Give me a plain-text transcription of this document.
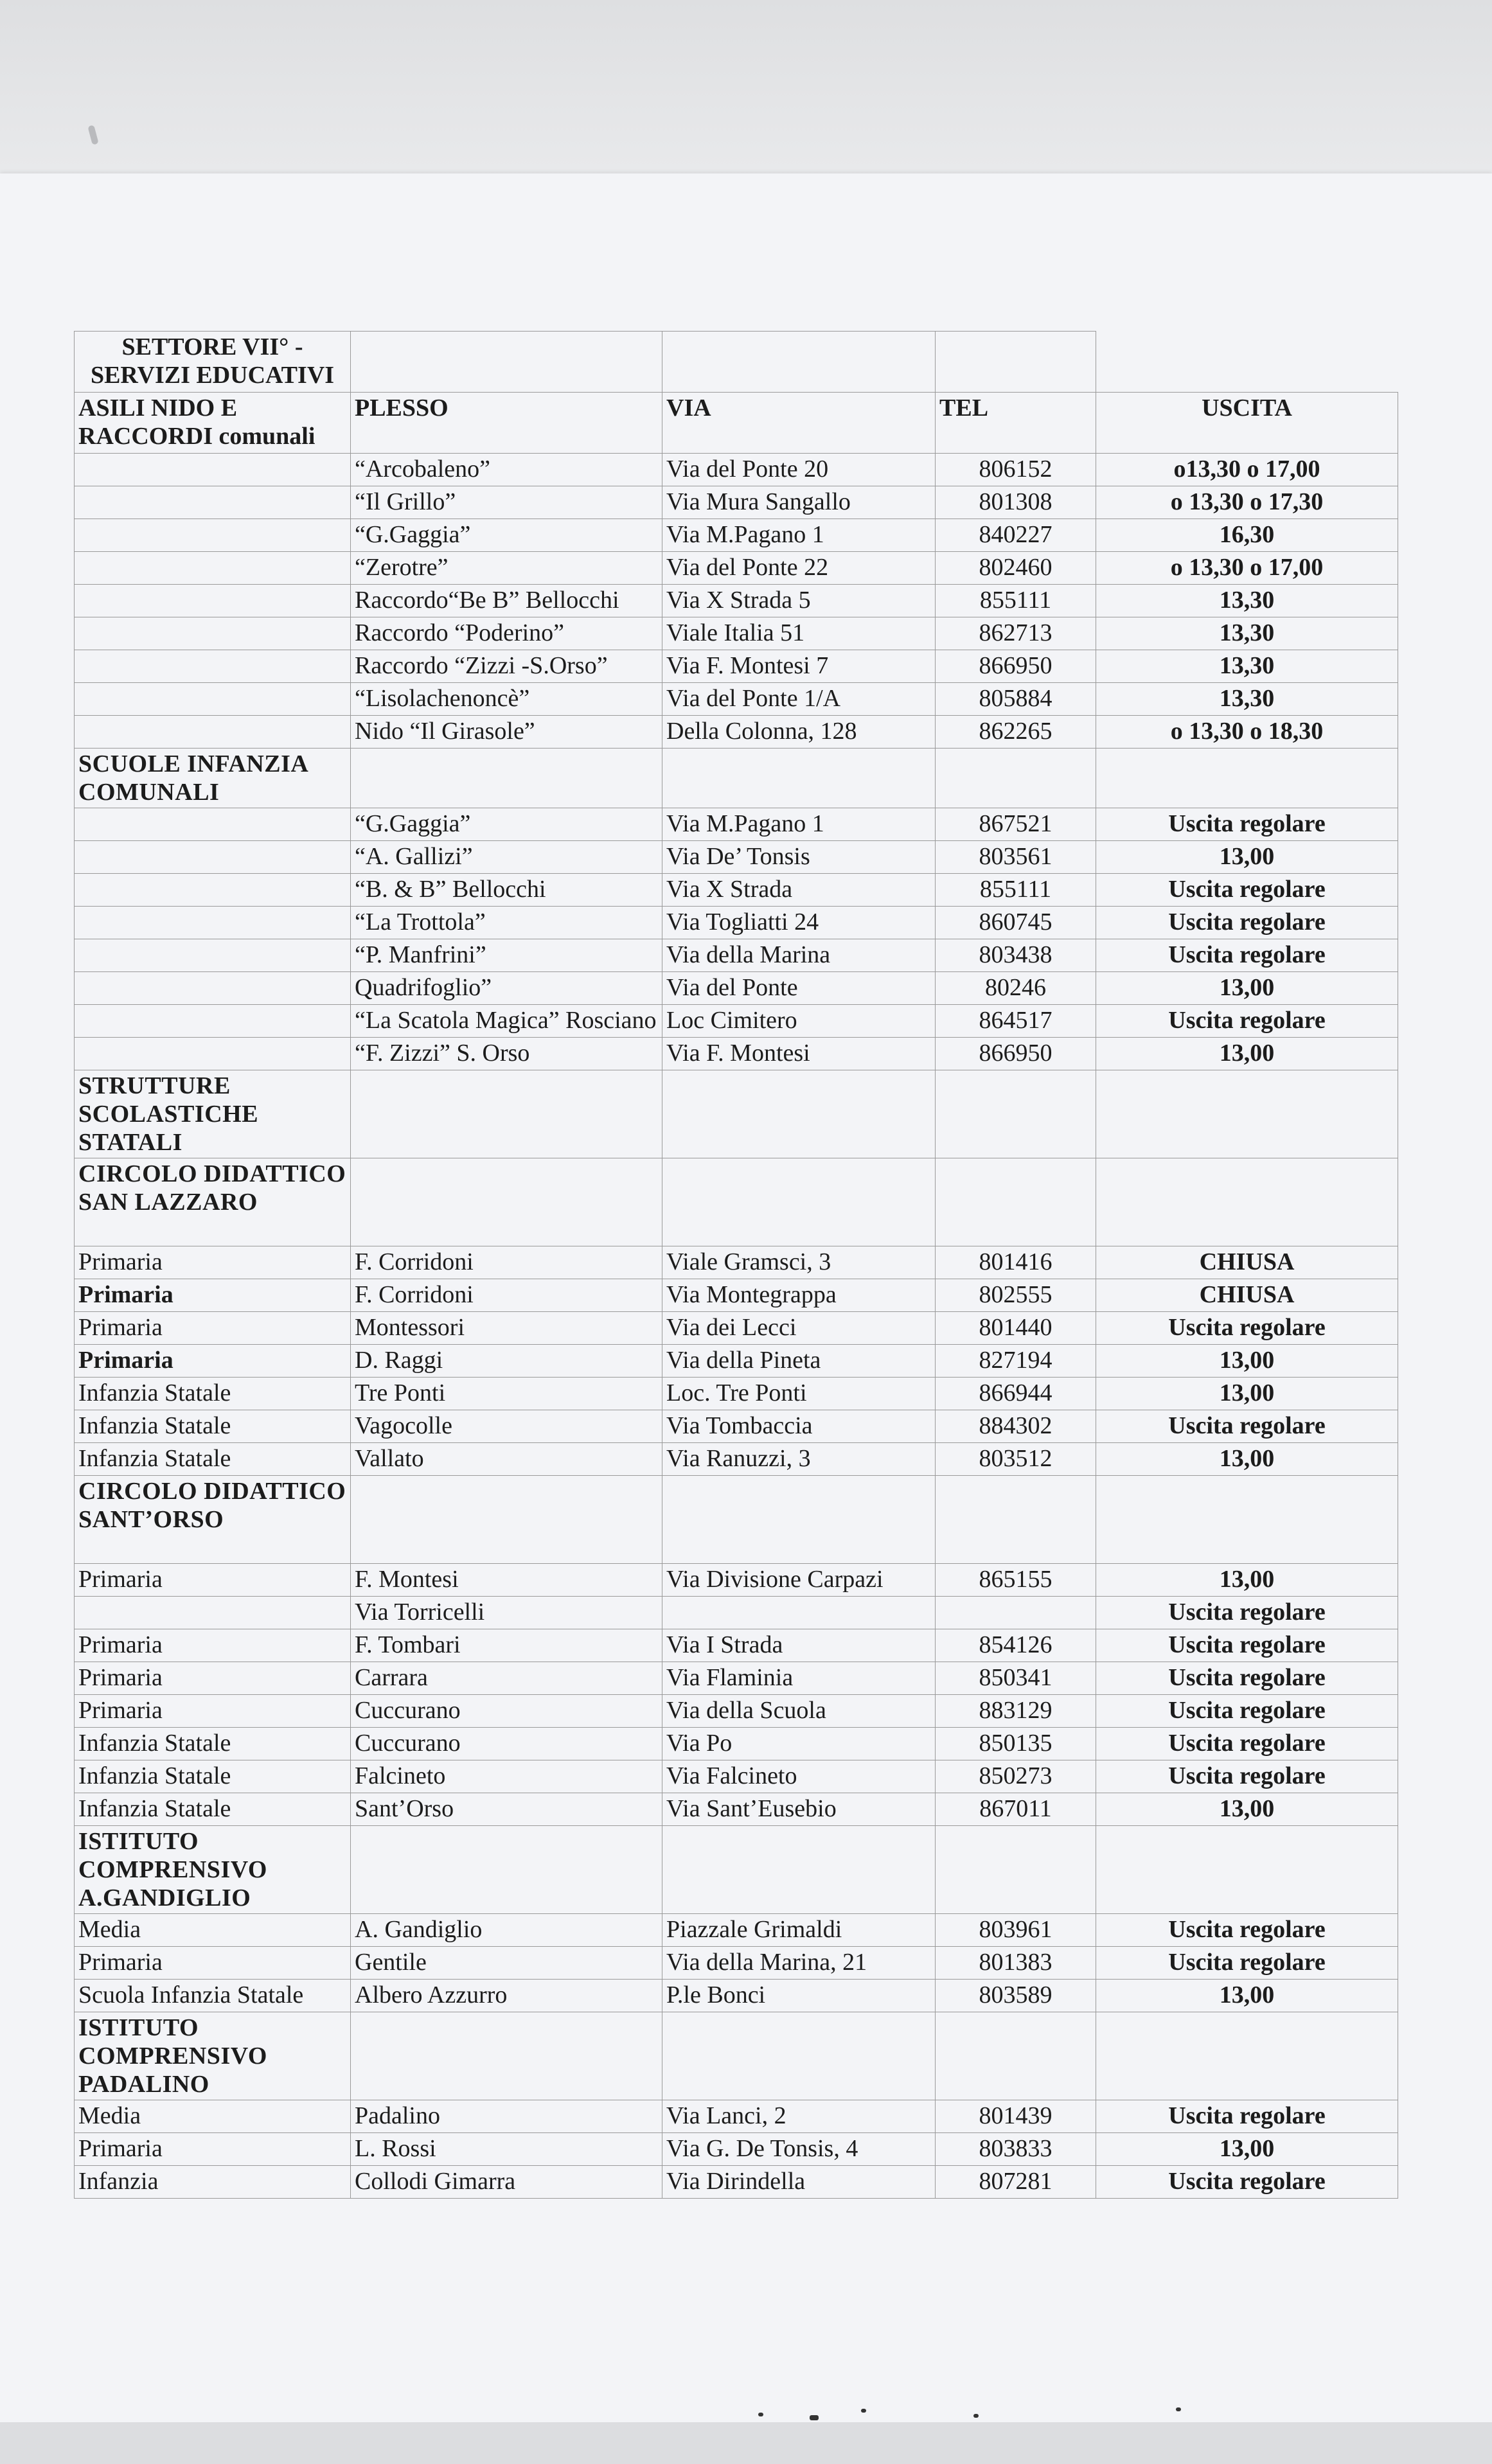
SETTORE VII° - SERVIZI EDUCATIVI				
ASILI NIDO E RACCORDI comunali	PLESSO	VIA	TEL	USCITA
	“Arcobaleno”	Via del Ponte 20	806152	o13,30 o 17,00
	“Il Grillo”	Via Mura Sangallo	801308	o 13,30 o 17,30
	“G.Gaggia”	Via M.Pagano 1	840227	16,30
	“Zerotre”	Via del Ponte 22	802460	o 13,30 o 17,00
	Raccordo“Be B” Bellocchi	Via X Strada 5	855111	13,30
	Raccordo “Poderino”	Viale Italia 51	862713	13,30
	Raccordo “Zizzi -S.Orso”	Via F. Montesi 7	866950	13,30
	“Lisolachenoncè”	Via del Ponte 1/A	805884	13,30
	Nido “Il Girasole”	Della Colonna, 128	862265	o 13,30 o 18,30
SCUOLE INFANZIA COMUNALI				
	“G.Gaggia”	Via M.Pagano 1	867521	Uscita regolare
	“A. Gallizi”	Via De’ Tonsis	803561	13,00
	“B. & B” Bellocchi	Via X Strada	855111	Uscita regolare
	“La Trottola”	Via Togliatti 24	860745	Uscita regolare
	“P. Manfrini”	Via della Marina	803438	Uscita regolare
	Quadrifoglio”	Via del Ponte	80246	13,00
	“La Scatola Magica” Rosciano	Loc Cimitero	864517	Uscita regolare
	“F. Zizzi” S. Orso	Via F. Montesi	866950	13,00
STRUTTURE SCOLASTICHE STATALI				
CIRCOLO DIDATTICO SAN LAZZARO				
Primaria	F. Corridoni	Viale Gramsci, 3	801416	CHIUSA
Primaria	F. Corridoni	Via Montegrappa	802555	CHIUSA
Primaria	Montessori	Via dei Lecci	801440	Uscita regolare
Primaria	D. Raggi	Via della Pineta	827194	13,00
Infanzia Statale	Tre Ponti	Loc. Tre Ponti	866944	13,00
Infanzia Statale	Vagocolle	Via Tombaccia	884302	Uscita regolare
Infanzia Statale	Vallato	Via Ranuzzi, 3	803512	13,00
CIRCOLO DIDATTICO SANT’ORSO				
Primaria	F. Montesi	Via Divisione Carpazi	865155	13,00
	Via Torricelli			Uscita regolare
Primaria	F. Tombari	Via I Strada	854126	Uscita regolare
Primaria	Carrara	Via Flaminia	850341	Uscita regolare
Primaria	Cuccurano	Via della Scuola	883129	Uscita regolare
Infanzia Statale	Cuccurano	Via Po	850135	Uscita regolare
Infanzia Statale	Falcineto	Via Falcineto	850273	Uscita regolare
Infanzia Statale	Sant’Orso	Via Sant’Eusebio	867011	13,00
ISTITUTO COMPRENSIVO A.GANDIGLIO				
Media	A. Gandiglio	Piazzale Grimaldi	803961	Uscita regolare
Primaria	Gentile	Via della Marina, 21	801383	Uscita regolare
Scuola Infanzia Statale	Albero Azzurro	P.le Bonci	803589	13,00
ISTITUTO COMPRENSIVO PADALINO				
Media	Padalino	Via Lanci, 2	801439	Uscita regolare
Primaria	L. Rossi	Via G. De Tonsis, 4	803833	13,00
Infanzia	Collodi Gimarra	Via Dirindella	807281	Uscita regolare
